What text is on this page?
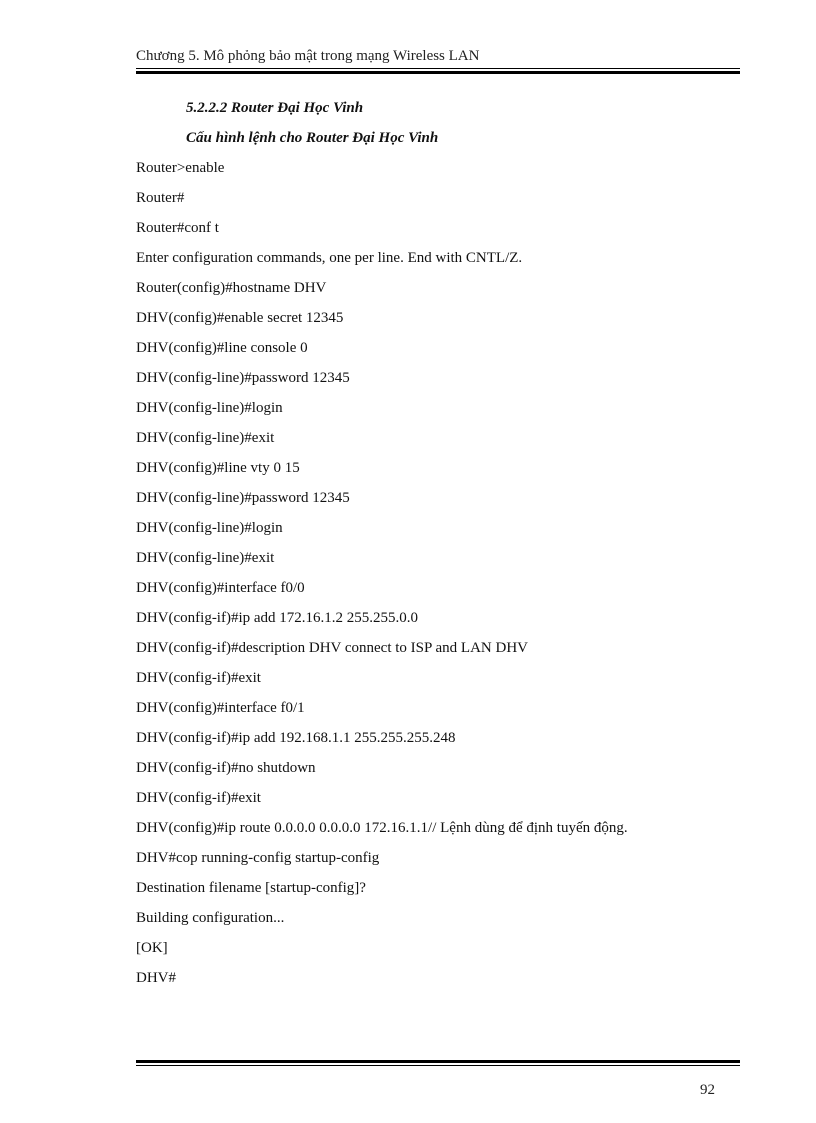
Chương 5. Mô phỏng bảo mật trong mạng Wireless LAN
5.2.2.2 Router Đại Học Vinh
Cấu hình lệnh cho Router Đại Học Vinh
Router>enable
Router#
Router#conf t
Enter configuration commands, one per line. End with CNTL/Z.
Router(config)#hostname DHV
DHV(config)#enable secret 12345
DHV(config)#line console 0
DHV(config-line)#password 12345
DHV(config-line)#login
DHV(config-line)#exit
DHV(config)#line vty 0 15
DHV(config-line)#password 12345
DHV(config-line)#login
DHV(config-line)#exit
DHV(config)#interface f0/0
DHV(config-if)#ip add 172.16.1.2 255.255.0.0
DHV(config-if)#description DHV connect to ISP and LAN DHV
DHV(config-if)#exit
DHV(config)#interface f0/1
DHV(config-if)#ip add 192.168.1.1 255.255.255.248
DHV(config-if)#no shutdown
DHV(config-if)#exit
DHV(config)#ip route 0.0.0.0 0.0.0.0 172.16.1.1// Lệnh dùng để định tuyến động.
DHV#cop running-config startup-config
Destination filename [startup-config]?
Building configuration...
[OK]
DHV#
92
